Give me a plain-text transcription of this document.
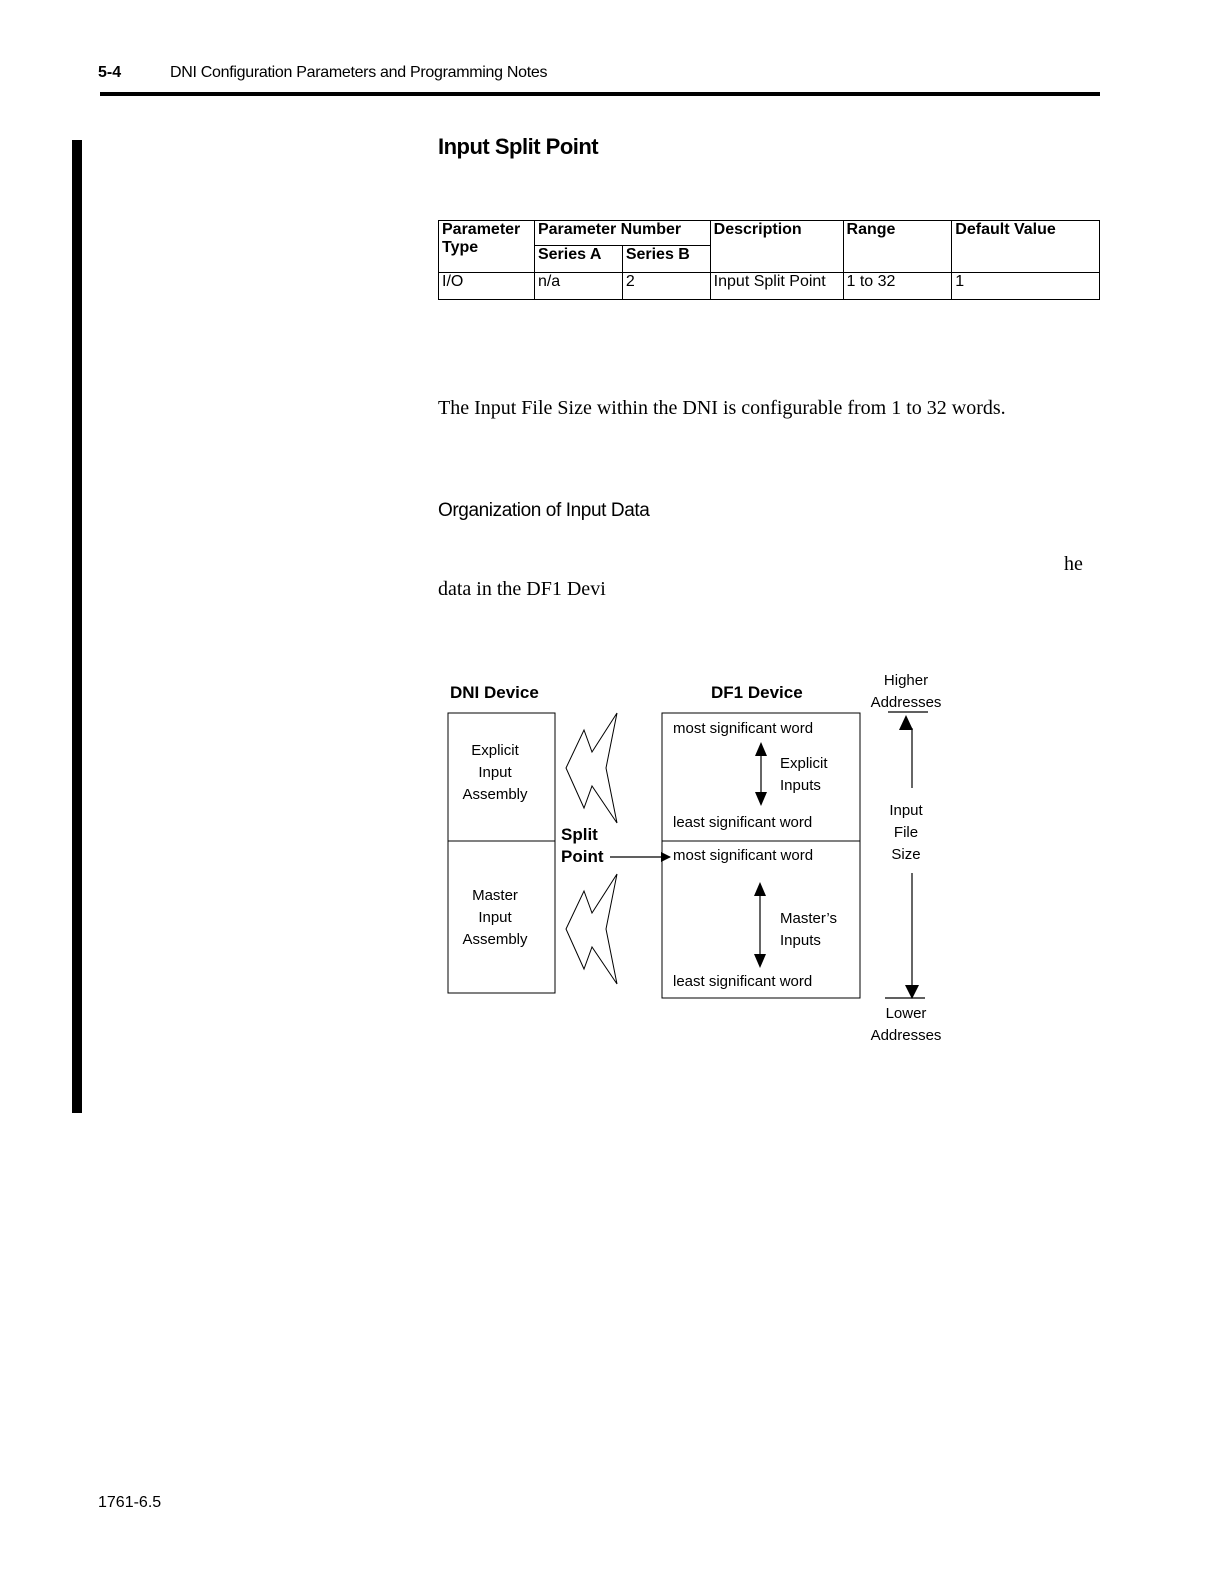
5-4	DNI Configuration Parameters and Programming Notes
Input Split Point
Parameter Type	Parameter Number		Description	Range	Default Value
	Series A	Series B			
I/O	n/a	2	Input Split Point	1 to 32	1
The Input File Size within the DNI is configurable from 1 to 32 words.
Organization of Input Data
he
data in the DF1 Devi
DNI Device	DF1 Device
Explicit
Input
Assembly
Master
Input
Assembly
Split
Point
most significant word
least significant word
most significant word
least significant word
Explicit
Inputs
Master’s
Inputs
Higher
Addresses
Input
File
Size
Lower
Addresses
1761-6.5
